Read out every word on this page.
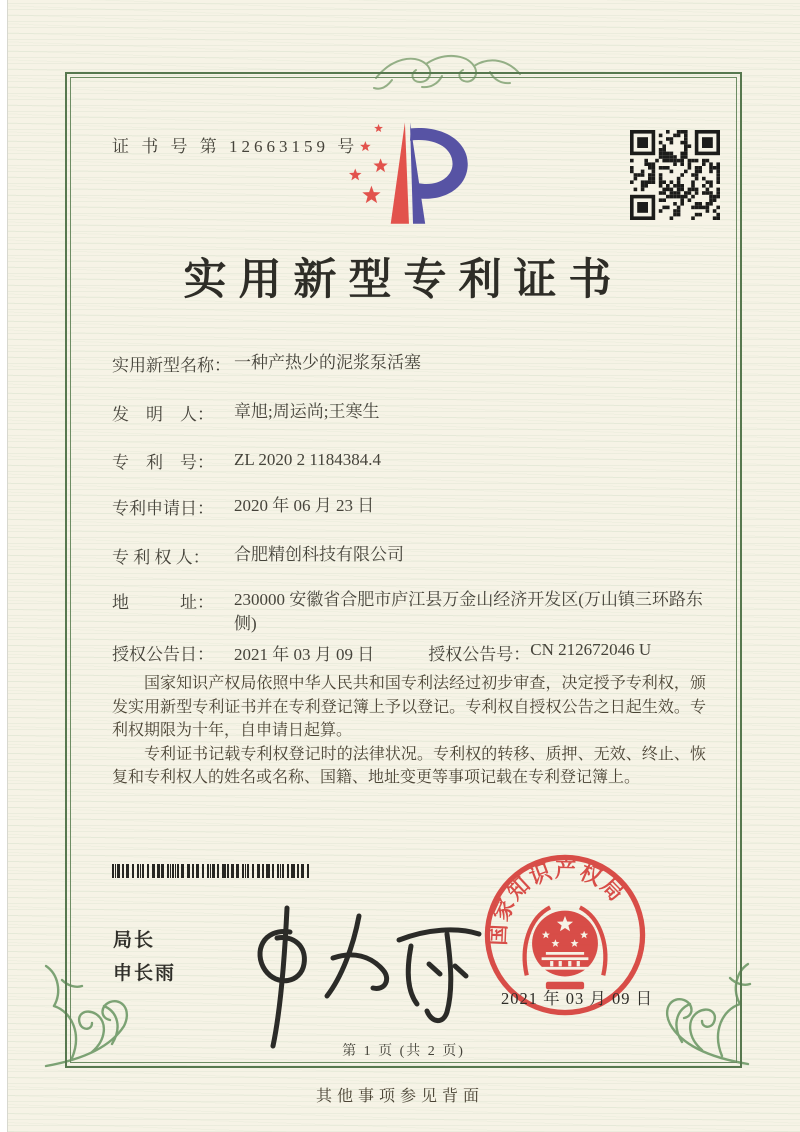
证 书 号 第 12663159 号
实用新型专利证书
实用新型名称： 一种产热少的泥浆泵活塞
发　明　人：	章旭;周运尚;王寒生
专　利　号：	ZL 2020 2 1184384.4
专利申请日：	2020 年 06 月 23 日
专 利 权 人：	合肥精创科技有限公司
地　　　址：	230000 安徽省合肥市庐江县万金山经济开发区(万山镇三环路东侧)
授权公告日：	2021 年 03 月 09 日	授权公告号： CN 212672046 U

国家知识产权局依照中华人民共和国专利法经过初步审查，决定授予专利权，颁发实用新型专利证书并在专利登记簿上予以登记。专利权自授权公告之日起生效。专利权期限为十年，自申请日起算。

专利证书记载专利权登记时的法律状况。专利权的转移、质押、无效、终止、恢复和专利权人的姓名或名称、国籍、地址变更等事项记载在专利登记簿上。

局长
申长雨
国家知识产权局
2021 年 03 月 09 日
第 1 页 (共 2 页)
其他事项参见背面
